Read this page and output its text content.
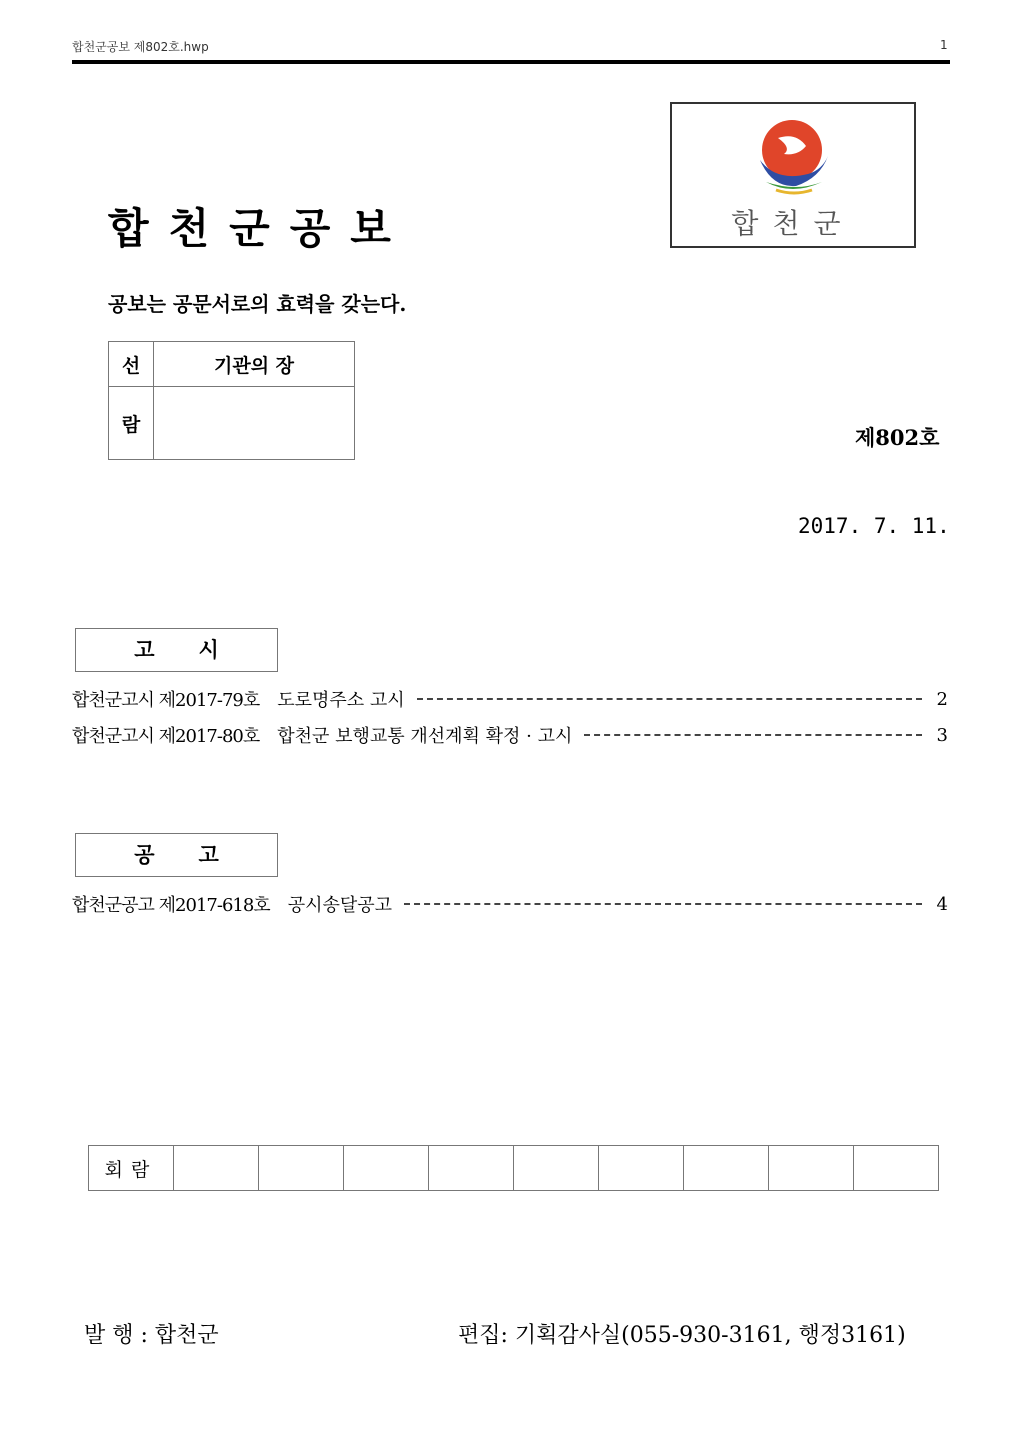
합천군공보 제802호.hwp	1
합천군공보
공보는 공문서로의 효력을 갖는다.
합천군
선	기관의 장
람	
제802호
2017. 7. 11.
고시
합천군고시 제2017-79호 도로명주소 고시	2
합천군고시 제2017-80호 합천군 보행교통 개선계획 확정 · 고시	3
공고
합천군공고 제2017-618호 공시송달공고	4
회람									
발 행 : 합천군	편집: 기획감사실(055-930-3161, 행정3161)
